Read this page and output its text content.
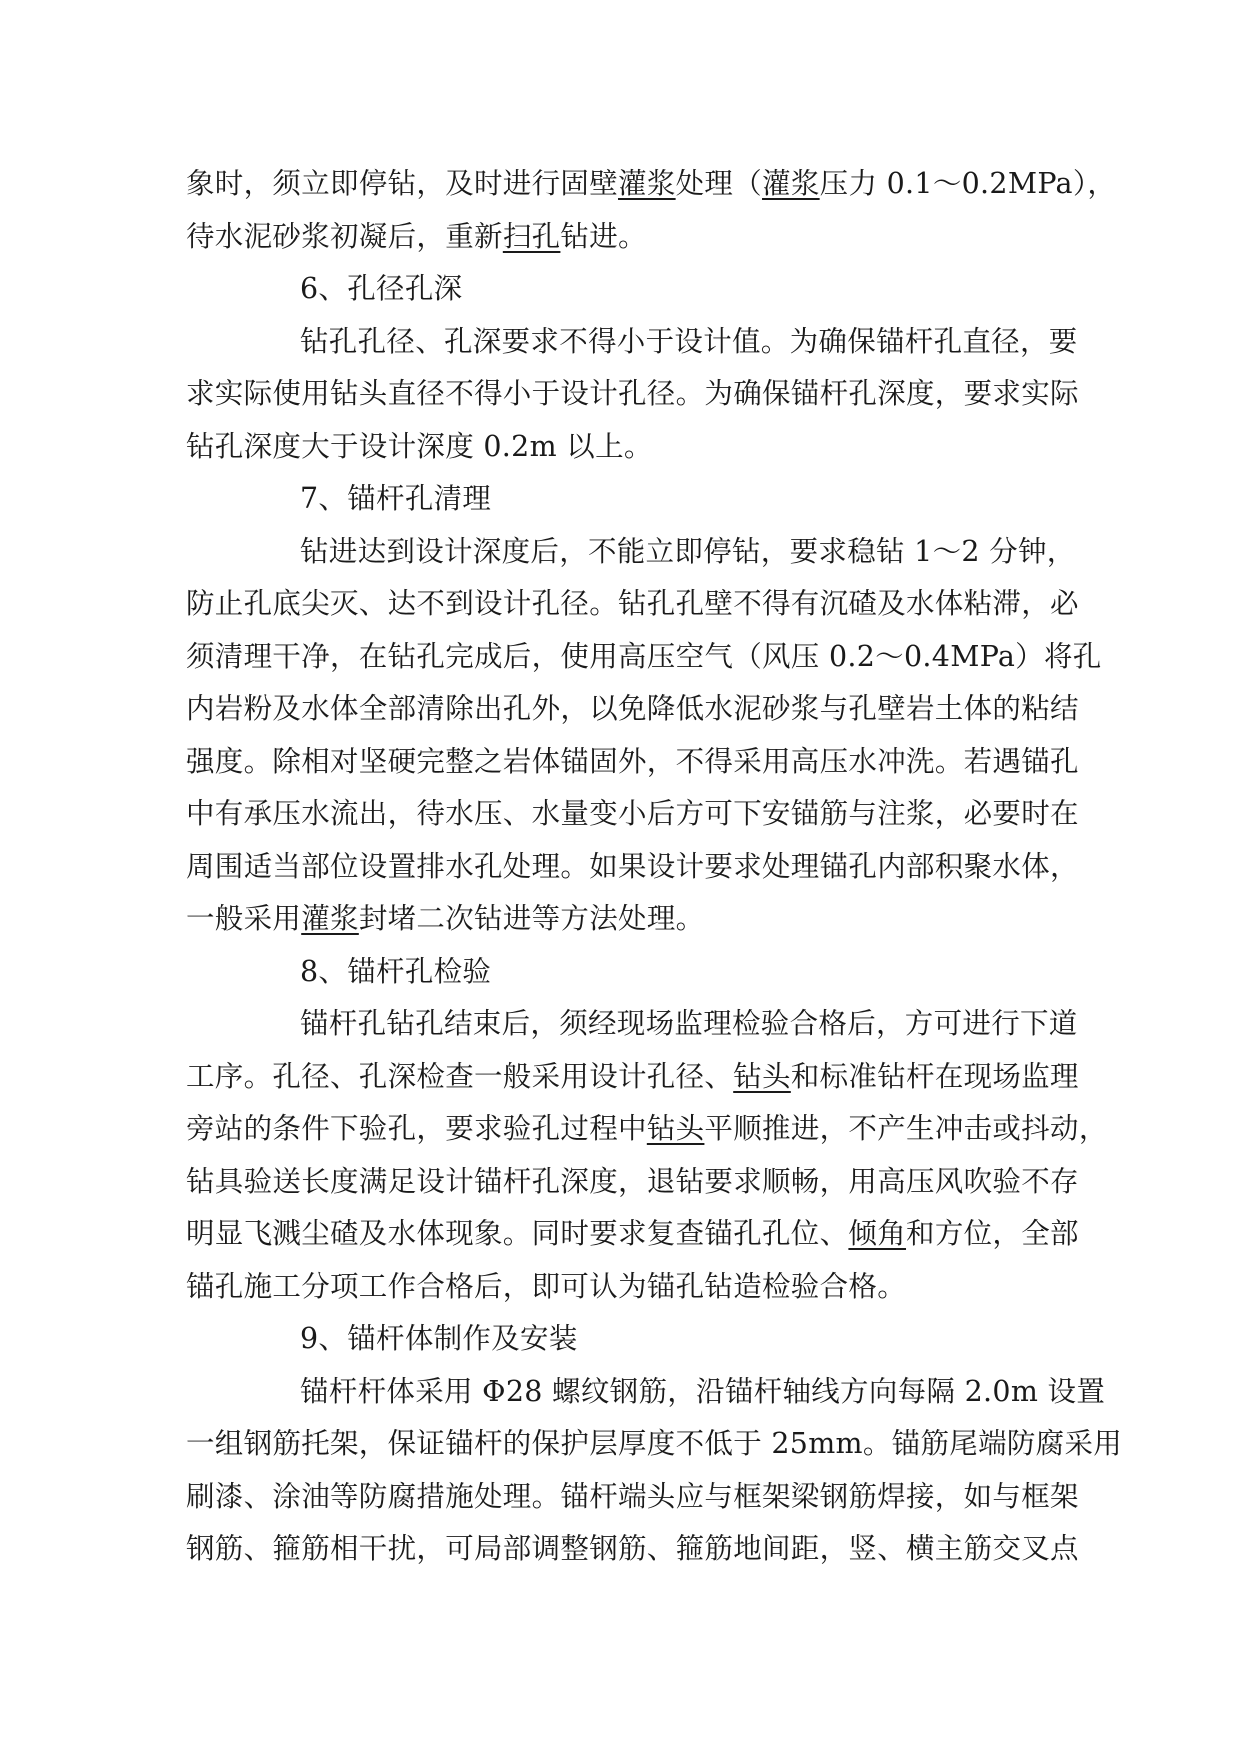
象时，须立即停钻，及时进行固壁灌浆处理（灌浆压力 0.1～0.2MPa），
待水泥砂浆初凝后，重新扫孔钻进。
6、孔径孔深
钻孔孔径、孔深要求不得小于设计值。为确保锚杆孔直径，要
求实际使用钻头直径不得小于设计孔径。为确保锚杆孔深度，要求实际
钻孔深度大于设计深度 0.2m 以上。
7、锚杆孔清理
钻进达到设计深度后，不能立即停钻，要求稳钻 1～2 分钟，
防止孔底尖灭、达不到设计孔径。钻孔孔壁不得有沉碴及水体粘滞，必
须清理干净，在钻孔完成后，使用高压空气（风压 0.2～0.4MPa）将孔
内岩粉及水体全部清除出孔外，以免降低水泥砂浆与孔壁岩土体的粘结
强度。除相对坚硬完整之岩体锚固外，不得采用高压水冲洗。若遇锚孔
中有承压水流出，待水压、水量变小后方可下安锚筋与注浆，必要时在
周围适当部位设置排水孔处理。如果设计要求处理锚孔内部积聚水体，
一般采用灌浆封堵二次钻进等方法处理。
8、锚杆孔检验
锚杆孔钻孔结束后，须经现场监理检验合格后，方可进行下道
工序。孔径、孔深检查一般采用设计孔径、钻头和标准钻杆在现场监理
旁站的条件下验孔，要求验孔过程中钻头平顺推进，不产生冲击或抖动，
钻具验送长度满足设计锚杆孔深度，退钻要求顺畅，用高压风吹验不存
明显飞溅尘碴及水体现象。同时要求复查锚孔孔位、倾角和方位，全部
锚孔施工分项工作合格后，即可认为锚孔钻造检验合格。
9、锚杆体制作及安装
锚杆杆体采用 Φ28 螺纹钢筋，沿锚杆轴线方向每隔 2.0m 设置
一组钢筋托架，保证锚杆的保护层厚度不低于 25mm。锚筋尾端防腐采用
刷漆、涂油等防腐措施处理。锚杆端头应与框架梁钢筋焊接，如与框架
钢筋、箍筋相干扰，可局部调整钢筋、箍筋地间距，竖、横主筋交叉点
